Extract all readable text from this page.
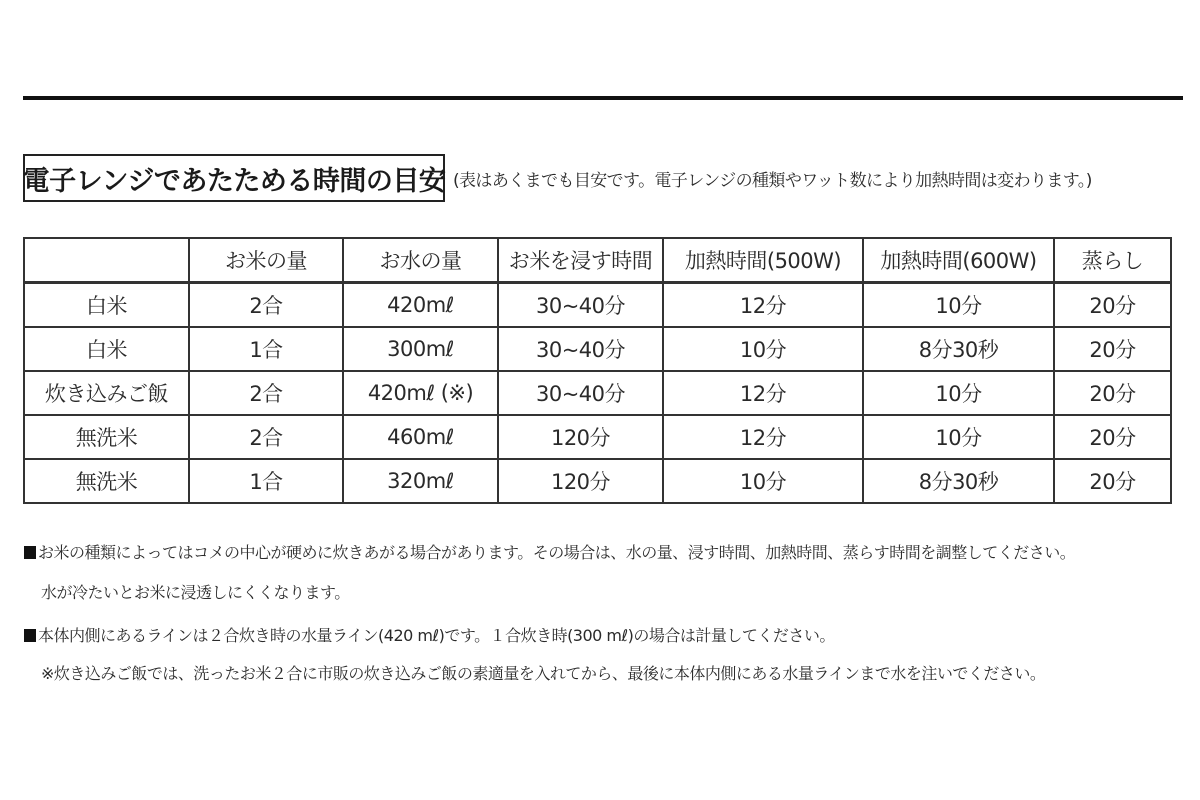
電子レンジであたためる時間の目安 (表はあくまでも目安です。電子レンジの種類やワット数により加熱時間は変わります。)
	お米の量	お水の量	お米を浸す時間	加熱時間(500W)	加熱時間(600W)	蒸らし
白米	2合	420mℓ	30~40分	12分	10分	20分
白米	1合	300mℓ	30~40分	10分	8分30秒	20分
炊き込みご飯	2合	420mℓ (※)	30~40分	12分	10分	20分
無洗米	2合	460mℓ	120分	12分	10分	20分
無洗米	1合	320mℓ	120分	10分	8分30秒	20分
お米の種類によってはコメの中心が硬めに炊きあがる場合があります。その場合は、水の量、浸す時間、加熱時間、蒸らす時間を調整してください。
水が冷たいとお米に浸透しにくくなります。
本体内側にあるラインは２合炊き時の水量ライン(420 mℓ)です。１合炊き時(300 mℓ)の場合は計量してください。
※炊き込みご飯では、洗ったお米２合に市販の炊き込みご飯の素適量を入れてから、最後に本体内側にある水量ラインまで水を注いでください。
